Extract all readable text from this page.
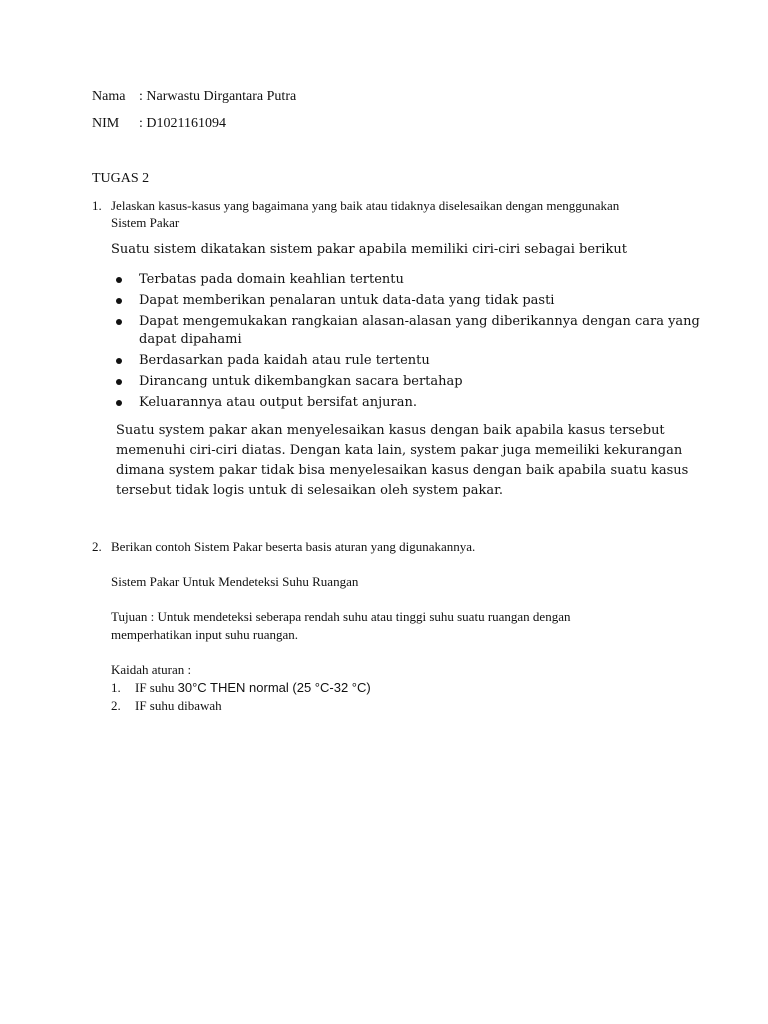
Nama : Narwastu Dirgantara Putra
NIM : D1021161094
TUGAS 2
1. Jelaskan kasus-kasus yang bagaimana yang baik atau tidaknya diselesaikan dengan menggunakan
Sistem Pakar
Suatu sistem dikatakan sistem pakar apabila memiliki ciri-ciri sebagai berikut
Terbatas pada domain keahlian tertentu
Dapat memberikan penalaran untuk data-data yang tidak pasti
Dapat mengemukakan rangkaian alasan-alasan yang diberikannya dengan cara yang
dapat dipahami
Berdasarkan pada kaidah atau rule tertentu
Dirancang untuk dikembangkan sacara bertahap
Keluarannya atau output bersifat anjuran.
Suatu system pakar akan menyelesaikan kasus dengan baik apabila kasus tersebut
memenuhi ciri-ciri diatas. Dengan kata lain, system pakar juga memeiliki kekurangan
dimana system pakar tidak bisa menyelesaikan kasus dengan baik apabila suatu kasus
tersebut tidak logis untuk di selesaikan oleh system pakar.
2. Berikan contoh Sistem Pakar beserta basis aturan yang digunakannya.
Sistem Pakar Untuk Mendeteksi Suhu Ruangan
Tujuan : Untuk mendeteksi seberapa rendah suhu atau tinggi suhu suatu ruangan dengan
memperhatikan input suhu ruangan.
Kaidah aturan :
1. IF suhu 30°C THEN normal (25 °C-32 °C)
2. IF suhu dibawah
